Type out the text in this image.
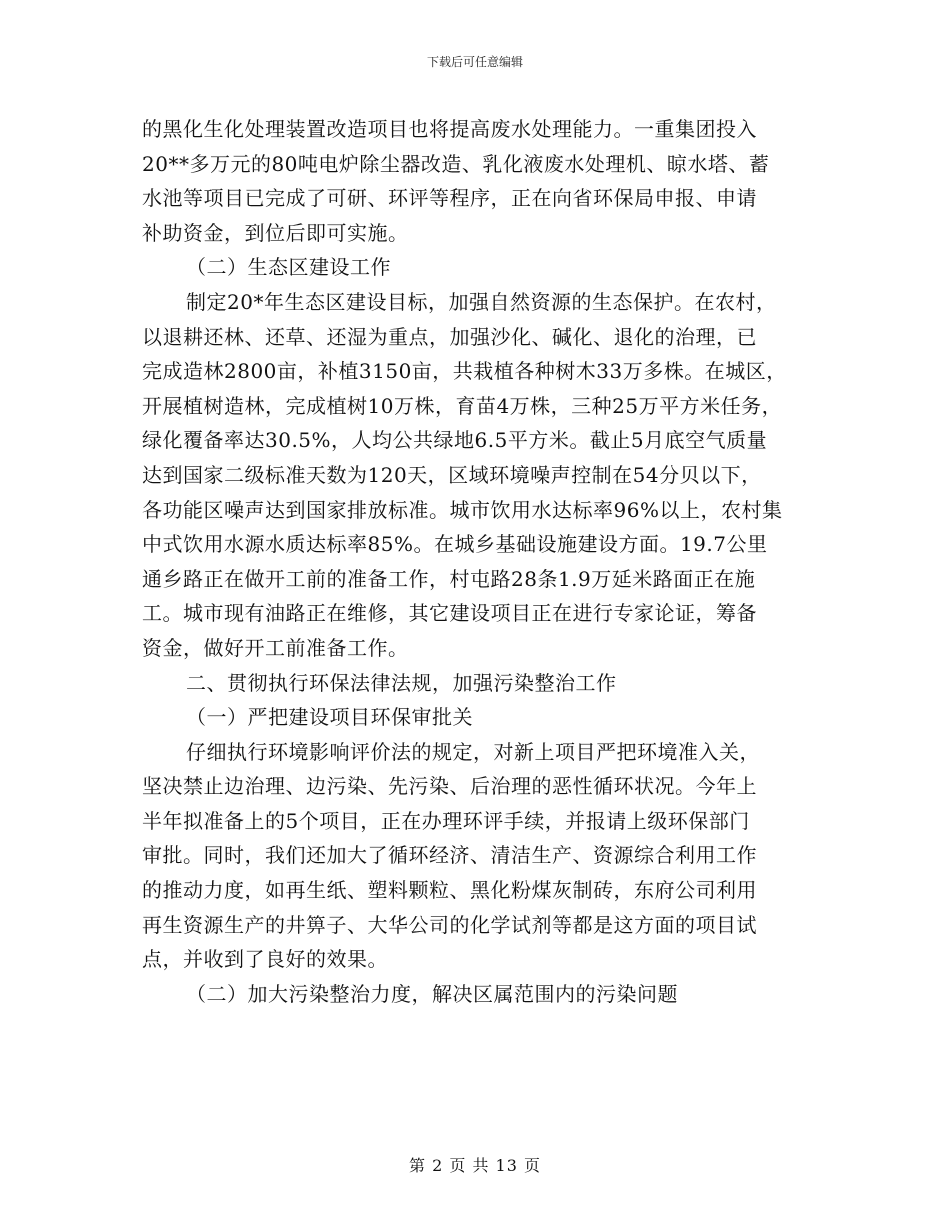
下载后可任意编辑
的黑化生化处理装置改造项目也将提高废水处理能力。一重集团投入
20**多万元的80吨电炉除尘器改造、乳化液废水处理机、晾水塔、蓄
水池等项目已完成了可研、环评等程序，正在向省环保局申报、申请
补助资金，到位后即可实施。
（二）生态区建设工作
制定20*年生态区建设目标，加强自然资源的生态保护。在农村，
以退耕还林、还草、还湿为重点，加强沙化、碱化、退化的治理，已
完成造林2800亩，补植3150亩，共栽植各种树木33万多株。在城区，
开展植树造林，完成植树10万株，育苗4万株，三种25万平方米任务，
绿化覆备率达30.5%，人均公共绿地6.5平方米。截止5月底空气质量
达到国家二级标准天数为120天，区域环境噪声控制在54分贝以下，
各功能区噪声达到国家排放标准。城市饮用水达标率96%以上，农村集
中式饮用水源水质达标率85%。在城乡基础设施建设方面。19.7公里
通乡路正在做开工前的准备工作，村屯路28条1.9万延米路面正在施
工。城市现有油路正在维修，其它建设项目正在进行专家论证，筹备
资金，做好开工前准备工作。
二、贯彻执行环保法律法规，加强污染整治工作
（一）严把建设项目环保审批关
仔细执行环境影响评价法的规定，对新上项目严把环境准入关，
坚决禁止边治理、边污染、先污染、后治理的恶性循环状况。今年上
半年拟准备上的5个项目，正在办理环评手续，并报请上级环保部门
审批。同时，我们还加大了循环经济、清洁生产、资源综合利用工作
的推动力度，如再生纸、塑料颗粒、黑化粉煤灰制砖，东府公司利用
再生资源生产的井箅子、大华公司的化学试剂等都是这方面的项目试
点，并收到了良好的效果。
（二）加大污染整治力度，解决区属范围内的污染问题
第 2 页 共 13 页
